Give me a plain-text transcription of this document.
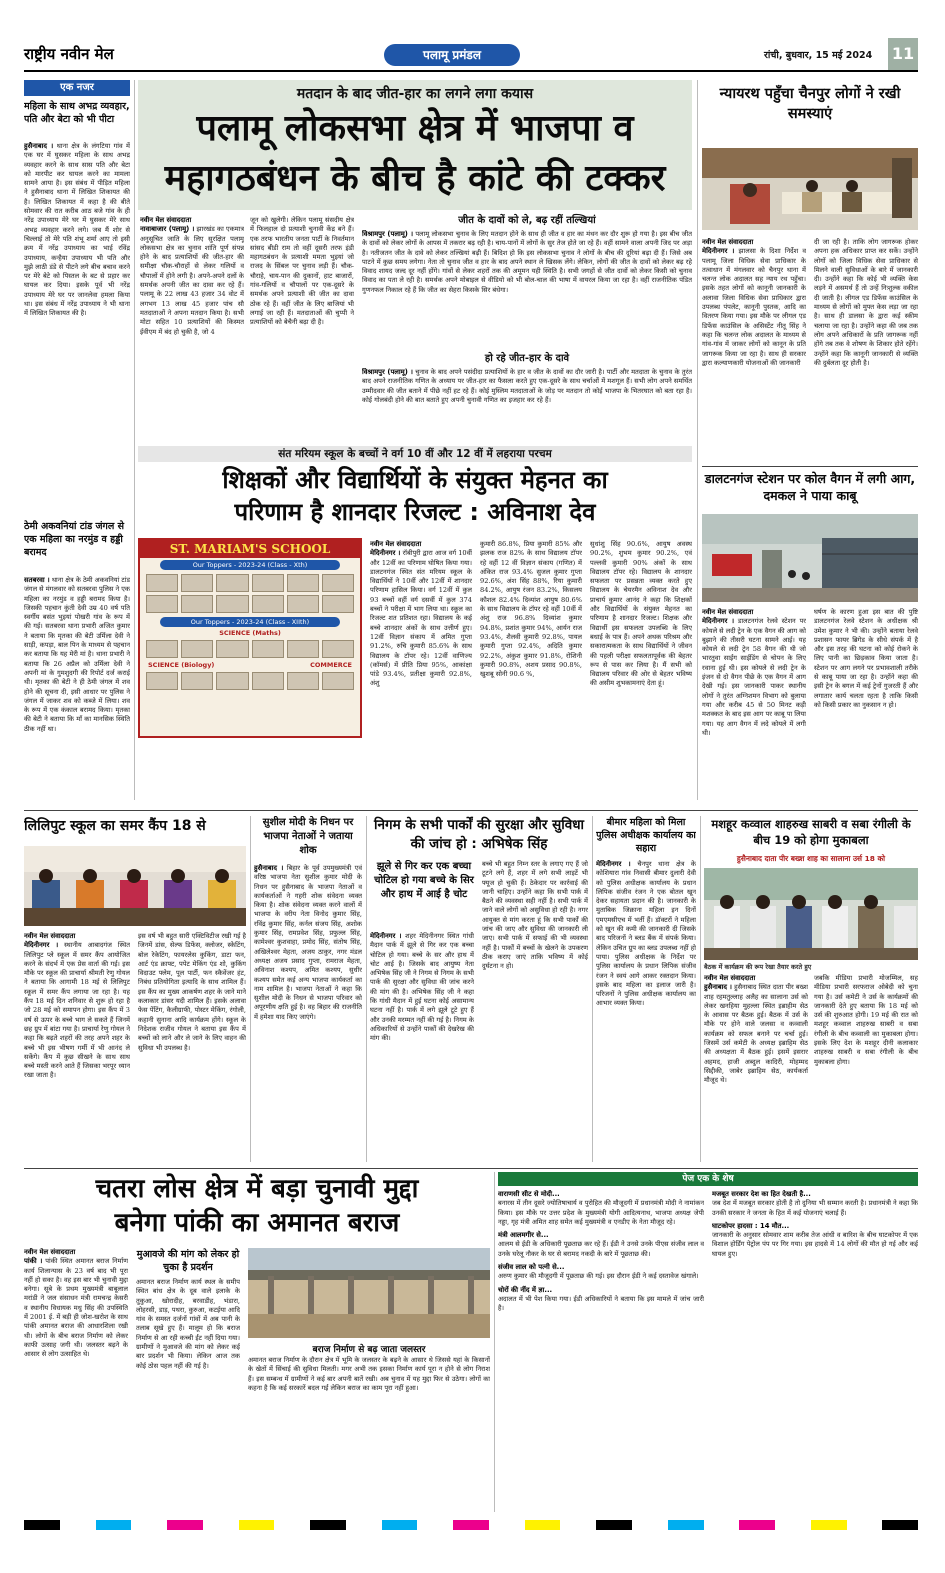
राष्ट्रीय नवीन मेल	पलामू प्रमंडल	रांची, बुधवार, 15 मई 2024 11
एक नजर
महिला के साथ अभद्र व्यवहार, पति और बेटा को भी पीटा
हुसैनाबाद । थाना क्षेत्र के लंगटिया गांव में एक घर में घुसकर महिला के साथ अभद्र व्यवहार करने के साथ सास पति और बेटा को मारपीट कर घायल करने का मामला सामने आया है। इस संबंध में पीड़ित महिला ने हुसैनाबाद थाना में लिखित शिकायत की है। लिखित शिकायत में कहा है की बीते सोमवार की रात करीब आठ बजे गांव के ही नरेंद्र उपाध्याय मेरे घर में घुसकर मेरे साथ अभद्र व्यवहार करने लगे। जब मैं शोर से चिल्लाई तो मेरे पति शंभू शर्मा आए तो इसी क्रम में नरेंद्र उपाध्याय का भाई रविंद्र उपाध्याय, कन्हैया उपाध्याय भी पति और मुझे लाठी डंडे से पीटने लगे बीच बचाव करने पर मेरे बेटे को पिस्तल के बट से प्रहार कर घायल कर दिया। इसके पूर्व भी नरेंद्र उपाध्याय मेरे घर पर जानलेवा हमला किया था। इस संबंध में नरेंद्र उपाध्याय ने भी थाना में लिखित शिकायत की है।
ठेमी अकवनियां टांड जंगल से एक महिला का नरमुंड व हड्डी बरामद
सतबरवा । थाना क्षेत्र के ठेमी अकवनियां टांड जंगल से मंगलवार को सतबरवा पुलिस ने एक महिला का नरमुंड व हड्डी बरामद किया है। जिसकी पहचान कुंती देवी उम्र 40 वर्ष पति स्वर्गीय बसंत भुइयां पोखरी गांव के रूप में की गई। सतबरवा थाना प्रभारी अजित कुमार ने बताया कि मृतका की बेटी उर्मिला देवी ने साड़ी, कपड़ा, बाल पिन के माध्यम से पहचान कर बताया कि यह मेरी मां है। थाना प्रभारी ने बताया कि 26 अप्रैल को उर्मिला देवी ने अपनी मां के गुमशुदगी की रिपोर्ट दर्ज कराई थी। मृतका की बेटी ने ही ठेमी जंगल में शव होने की सूचना दी, इसी आधार पर पुलिस ने जंगल में जाकर शव को कब्जे में लिया। शव के रूप में एक कंकाल बरामद किया। मृतका की बेटी ने बताया कि माँ का मानसिक स्थिति ठीक नहीं था।
मतदान के बाद जीत-हार का लगने लगा कयास
पलामू लोकसभा क्षेत्र में भाजपा व
महागठबंधन के बीच है कांटे की टक्कर
नवीन मेल संवाददाता
नावाबाजार (पलामू) । झारखंड का एकमात्र अनुसूचित जाति के लिए सुरक्षित पलामू लोकसभा क्षेत्र का चुनाव शांति पूर्ण संपन्न होने के बाद प्रत्याशियों की जीत-हार की समीक्षा चौक-चौराहों से लेकर गलियों व चौपालों में होने लगी है। अपने-अपने दलों के समर्थक अपनी जीत का दावा कर रहे हैं। पलामू के 22 लाख 43 हजार 34 वोट में लगभग 13 लाख 45 हजार पांच सौ मतदाताओं ने अपना मतदान किया है। सभी मोटा सहित 10 प्रत्याशियों की किस्मत ईवीएम में बंद हो चुकी है, जो 4
जून को खुलेगी। लेकिन पलामू संसदीय क्षेत्र में फिलहाल दो प्रत्याशी चुनावी केंद्र बने हैं। एक तरफ भारतीय जनता पार्टी के निवर्तमान सांसद बीडी राम तो वहीं दूसरी तरफ इंडी महागठबंधन के प्रत्याशी ममता भुइयां जो राजद के सिंबल पर चुनाव लड़ी हैं। चौक-चौराहे, चाय-पान की दुकानों, हाट बाजारों, गांव-गलियों व चौपालों पर एक-दूसरे के समर्थक अपने प्रत्याशी की जीत का दावा ठोक रहे हैं। वहीं जीत के लिए बाजियां भी लगाई जा रही हैं। मतदाताओं की चुप्पी ने प्रत्याशियों को बेचैनी बढ़ा दी है।
जीत के दावों को ले, बढ़ रहीं तल्खियां
विश्रामपुर (पलामू) । पलामू लोकसभा चुनाव के लिए मतदान होने के साथ ही जीत व हार का मंथन कर दौर शुरू हो गया है। इस बीच जीत के दावों को लेकर लोगों के आपस में तकरार बढ़ रही है। चाय-पानों में लोगों के सुर तेज होते जा रहे हैं। वहीं सामने वाला अपनी जिद पर अड़ा है। नतीजतन जीत के दावे को लेकर तल्खियां बढ़ी हैं। बिदिश हो कि इस लोकसभा चुनाव ने लोगों के बीच की दूरियां बढ़ा दी हैं। जिसे अब पाटने में कुछ समय लगेगा। नेता तो चुनाव जीत व हार के बाद अपने स्थान ले खिसक लेंगे। लेकिन, लोगों की जीत के दावों को लेकर बढ़ रहे विवाद शायद जल्द दूर नहीं होंगे। गांवों से लेकर शहरों तक की अमूमन यही स्थिति है। सभी जगहों से जीत दावों को लेकर किसी को चुनाव विवाद का पता ले रही है। समर्थक अपने मोबाइल से वीडियो को भी बोल-चाल की भाषा में वायरल किया जा रहा है। वहीं राजनीतिक पंडित गुणनफल निकाल रहे हैं कि जीत का सेहरा किसके सिर बंधेगा।
हो रहे जीत-हार के दावे
विश्रामपुर (पलामू) । चुनाव के बाद अपने पसंदीदा प्रत्याशियों के हार व जीत के दावों का दौर जारी है। पार्टी और मतदाता के चुनाव के तुरंत बाद अपने राजनीतिक गणित के अध्याय पर जीत-हार का फैसला करते हुए एक-दूसरे के साथ चर्चाओं में मशगूल हैं। सभी लोग अपने समर्थित उम्मीदवार की जीत बताने में पीछे नहीं हट रहे हैं। कोई मुस्लिम मतदाताओं के जोड़ पर मतदान तो कोई भाजपा के भितरघात को बता रहा है। कोई गोलबंदी होने की बात बताते हुए अपनी चुनावी गणित का इजहार कर रहे हैं।
न्यायरथ पहुँचा चैनपुर लोगों ने रखी समस्याएं
नवीन मेल संवाददाता
मेदिनीनगर । झालसा के दिशा निर्देश व पलामू जिला विधिक सेवा प्राधिकार के तत्वाधान में मंगलवार को चैनपुर थाना में चलन्त लोक अदालत सह न्याय रथ पहुँचा। इसके तहत लोगों को कानूनी जानकारी के अलावा जिला विधिक सेवा प्राधिकार द्वारा उपलब्ध पंपलेट, कानूनी पुस्तक, आदि का वितरण किया गया। इस मौके पर लीगल एड डिफेंस काउंसिल के असिस्टेंट नीतू सिंह ने कहा कि चलन्त लोक अदालत के माध्यम से गांव-गांव में जाकर लोगों को कानून के प्रति जागरूक किया जा रहा है। साथ ही सरकार द्वारा कल्याणकारी योजनाओं की जानकारी
दी जा रही है। ताकि लोग जागरूक होकर अपना हक अधिकार प्राप्त कर सकें। उन्होंने लोगों को जिला विधिक सेवा प्राधिकार से मिलने वाली सुविधाओं के बारे में जानकारी दी। उन्होंने कहा कि कोई भी व्यक्ति केस लड़ने में असमर्थ हैं तो उन्हें निःशुल्क वकील दी जाती है। लीगल एड डिफेंस काउंसिल के माध्यम से लोगों को मुफ्त केस लड़ा जा रहा है। साथ ही डालसा के द्वारा कई स्कीम चलाया जा रहा है। उन्होंने कहा की जब तक लोग अपने अधिकारों के प्रति जागरूक नहीं होंगे तब तक वे शोषण के शिकार होते रहेंगे। उन्होंने कहा कि कानूनी जानकारी से व्यक्ति की दुर्बलता दूर होती है।
डालटनगंज स्टेशन पर कोल वैगन में लगी आग, दमकल ने पाया काबू
नवीन मेल संवाददाता
मेदिनीनगर । डालटनगंज रेलवे स्टेशन पर कोयले से लदी ट्रेन के एक वैगन की आग को बुझाने की तीसरी घटना सामने आई। यह कोयले से लदी ट्रेन 58 वैगन की थी जो भारतुवा साईंग साईडिंग से चोपन के लिए रवाना हुई थी। इस कोयले से लदी ट्रेन के इंजन से दो वैगन पीछे के एक वैगन में आग देखी गई। इस जानकारी पाकर स्थानीय लोगों ने तुरंत अग्निशमन विभाग को बुलाया गया और करीब 45 से 50 मिनट कड़ी मशक्कत के बाद इस आग पर काबू पा लिया गया। यह आग वैगन में लदे कोयले में लगी थी।
घर्षण के कारण हुआ इस बात की पुष्टि डालटनगंज रेलवे स्टेशन के अधीक्षक श्री उमेश कुमार ने भी की। उन्होंने बताया रेलवे प्रशासन फायर ब्रिगेड के सीधे संपर्क में है और इस तरह की घटना को कोई रोकने के लिए पानी का छिड़काव किया जाता है। स्टेशन पर आग लगने पर प्रभावशाली तरीके से काबू पाया जा रहा है। उन्होंने कहा की इसी ट्रेन के बगल में कई ट्रेनों गुजरती हैं और लगातार कार्य चलता रहता है ताकि किसी को किसी प्रकार का नुकसान न हो।
संत मरियम स्कूल के बच्चों ने वर्ग 10 वीं और 12 वीं में लहराया परचम
शिक्षकों और विद्यार्थियों के संयुक्त मेहनत का
परिणाम है शानदार रिजल्ट : अविनाश देव
ST. MARIAM'S SCHOOL
Our Toppers - 2023-24 (Class - Xth)
Our Toppers - 2023-24 (Class - XIIth)
SCIENCE (Maths)
SCIENCE (Biology)	COMMERCE
नवीन मेल संवाददाता
मेदिनीनगर । रॉबीपुरी द्वारा आज वर्ग 10वीं और 12वीं का परिणाम घोषित किया गया। डालटनगंज स्थित संत मरियम स्कूल के विद्यार्थियों ने 10वीं और 12वीं में शानदार परिणाम हासिल किया। वर्ग 12वीं में कुल 93 बच्चों वहीं वर्ग दसवीं में कुल 374 बच्चों ने परीक्षा में भाग लिया था। स्कूल का रिजल्ट शत प्रतिशत रहा। विद्यालय के कई बच्चे शानदार अंकों के साथ उत्तीर्ण हुए। 12वीं विज्ञान संकाय में अमित गुप्ता 91.2%, रुचि कुमारी 85.6% के साथ विद्यालय के टॉपर रहे। 12वीं वाणिज्य (कॉमर्स) में प्रीति प्रिया 95%, आकांक्षा पांडे 93.4%, प्रतीक्षा कुमारी 92.8%, अंशु
कुमारी 86.8%, प्रिया कुमारी 85% और झलक राज 82% के साथ विद्यालय टॉपर रहे वहीं 12 वीं विज्ञान संकाय (गणित) में अंकित राज 93.4% सुजल कुमार गुप्ता 92.6%, अंश सिंह 88%, रिया कुमारी 84.2%, आयुष रंजन 83.2%, किसलय कौशल 82.4% दिव्यांश आयुष 80.6% के साथ विद्यालय के टॉपर रहे वहीं 10वीं में अंशु राज 96.8% दिव्यांश कुमार 94.8%, प्रशांत कुमार 94%, आर्यन राज 93.4%, शैलवी कुमारी 92.8%, पायल कुमारी गुप्ता 92.4%, अदिति कुमार 92.2%, अंकुश कुमार 91.8%, रोशिनी कुमारी 90.8%, अशय प्रसाद 90.8%, खुशबू सोनी 90.6 %,
सुधांशु सिंह 90.6%, आयुष अवस्थ 90.2%, शुभम कुमार 90.2%, एवं पल्लवी कुमारी 90% अंकों के साथ विद्यालय टॉपर रहे। विद्यालय के शानदार सफलता पर प्रसन्नता व्यक्त करते हुए विद्यालय के चेयरमैन अविनाश देव और प्राचार्य कुमार आनंद ने कहा कि शिक्षकों और विद्यार्थियों के संयुक्त मेहनत का परिणाम है शानदार रिजल्ट। शिक्षक और विद्यार्थी इस सफलता उपलब्धि के लिए बधाई के पात्र हैं। अपने अथक परिश्रम और सकारात्मकता के साथ विद्यार्थियों ने जीवन की पहली परीक्षा सफलतापूर्वक की बेहतर रूप से पास कर लिया है। मैं सभी को विद्यालय परिवार की ओर से बेहतर भविष्य की असीम शुभकामनाएं देता हूं।
लिलिपुट स्कूल का समर कैंप 18 से
नवीन मेल संवाददाता
मेदिनीनगर । स्थानीय आबादगंज स्थित लिलिपुट प्ले स्कूल में समर कैंप आयोजित करने के संदर्भ में एक प्रेस वार्ता की गई। इस मौके पर स्कूल की प्राचार्या श्रीमती रेणु गोयल ने बताया कि आगामी 18 मई से लिलिपुट स्कूल में समर कैंप लगाया जा रहा है। यह कैंप 18 मई दिन शनिवार से शुरू हो रहा है जो 28 मई को समापन होगा। इस कैंप में 3 वर्ष से ऊपर के बच्चे भाग ले सकते हैं जिनमें छह ग्रुप में बांटा गया है। प्राचार्या रेणु गोयल ने कहा कि बढ़ते शहरों की तरह अपने शहर के बच्चे भी इस भीषण गर्मी में भी आनंद ले सकेंगे। कैंप में कुछ सीखने के साथ साथ बच्चे मस्ती करने आते हैं जिसका भरपूर ध्यान रखा जाता है।
इस वर्ष भी बहुत सारी एक्टिविटीज रखी गई है जिनमें डांस, सेल्फ डिफेंस, क्लोजर, स्केटिंग, बोल रेकेटिंग, फायरलेस कुकिंग, डाटा फन, आर्ट एंड क्राफ्ट, पपेट मेकिंग एंड शो, कुकिंग विदाउट फ्लेम, पूल पार्टी, फन स्कैवेंजर हंट, निबंध प्रतियोगिता इत्यादि के साथ शामिल हैं। इस कैंप का मुख्य आकर्षण शहर के जाने माने कलाकार डांसर यदी शामिल हैं। इसके अलावा फेस पेंटिंग, कैलीग्राफी, पोस्टर मेकिंग, रंगोली, कहानी सुनाना आदि कार्यक्रम होंगे। स्कूल के निदेशक राजीव गोयल ने बताया इस कैंप में बच्चों को लाने और ले जाने के लिए वाहन की सुविधा भी उपलब्ध है।
सुशील मोदी के निधन पर भाजपा नेताओं ने जताया शोक
हुसैनाबाद । बिहार के पूर्व उपमुख्यमंत्री एवं वरिष्ठ भाजपा नेता सुशील कुमार मोदी के निधन पर हुसैनाबाद के भाजपा नेताओं व कार्यकर्ताओं ने गहरी शोक संवेदना व्यक्त किया है। शोक संवेदना व्यक्त करने वालों में भाजपा के वरीय नेता विनोद कुमार सिंह, रविंद्र कुमार सिंह, कर्नल संजय सिंह, अशोक कुमार सिंह, रामप्रवेश सिंह, प्रफुल्ल सिंह, कामेश्वर कुशवाहा, प्रमोद सिंह, संतोष सिंह, अखिलेश्वर मेहता, अजय ठाकुर, नगर मंडल अध्यक्ष अजय प्रसाद गुप्ता, रामराज मेहता, अविनाश कश्यप, अमित कश्यप, सुधीर कश्यप समेत कई अन्य भाजपा कार्यकर्ता का नाम शामिल है। भाजपा नेताओं ने कहा कि सुशील मोदी के निधन से भाजपा परिवार को अपूरणीय क्षति हुई है। वह बिहार की राजनीति में हमेशा याद किए जाएंगे।
निगम के सभी पार्कों की सुरक्षा और सुविधा की जांच हो : अभिषेक सिंह
झूले से गिर कर एक बच्चा चोटिल हो गया बच्चे के सिर और हाथ में आई है चोट
मेदिनीनगर । शहर मेदिनीनगर स्थित गांधी मैदान पार्क में झूले से गिर कर एक बच्चा चोटिल हो गया। बच्चे के सर और हाथ में चोट आई है। जिसके बाद आयुष्य नेता अभिषेक सिंह जी ने निगम से निगम के सभी पार्क की सुरक्षा और सुविधा की जांच करने की मांग की है। अभिषेक सिंह जी ने कहा कि गांधी मैदान में हुई घटना कोई असामान्य घटना नहीं है। पार्क में लगे झूले टूटे हुए हैं और उनकी मरम्मत नहीं की गई है। निगम के अधिकारियों से उन्होंने पार्कों की देखरेख की मांग की।
बच्चे भी बहुत निम्न स्तर के लगाए गए हैं जो टूटने लगे हैं, शहर में लगे सभी लाइटें भी फ्यूज हो चुकी हैं। ठेकेदार पर कार्रवाई की जानी चाहिए। उन्होंने कहा कि सभी पार्क में बैठने की व्यवस्था सही नहीं है। सभी पार्क में जाने वाले लोगों को असुविधा हो रही है। नगर आयुक्त से मांग करता हूं कि सभी पार्कों की जांच की जाए और सुविधा की जानकारी ली जाए। सभी पार्क में सफाई की भी व्यवस्था नहीं है। पार्कों में बच्चों के खेलने के उपकरण ठीक कराए जाएं ताकि भविष्य में कोई दुर्घटना न हो।
बीमार महिला को मिला पुलिस अधीक्षक कार्यालय का सहारा
मेदिनीनगर । चैनपुर थाना क्षेत्र के कोशियारा गांव निवासी बीमार दुलारी देवी को पुलिस अधीक्षक कार्यालय के प्रधान लिपिक संजीव रंजन ने एक बोतल खून देकर सहायता प्रदान की है। जानकारी के मुताबिक जिक्राना महिला इन दिनों एमएमसीएच में भर्ती हैं। डॉक्टरों ने महिला को खून की कमी की जानकारी दी जिसके बाद परिजनों ने ब्लड बैंक में संपर्क किया। लेकिन उचित ग्रुप का ब्लड उपलब्ध नहीं हो पाया। पुलिस अधीक्षक के निर्देश पर पुलिस कार्यालय के प्रधान लिपिक संजीव रंजन ने स्वयं आगे आकर रक्तदान किया। इसके बाद महिला का इलाज जारी है। परिजनों ने पुलिस अधीक्षक कार्यालय का आभार व्यक्त किया।
मशहूर कव्वाल शाहरुख साबरी व सबा रंगीली के बीच 19 को होगा मुकाबला
हुसैनाबाद दाता पीर बख्श शाह का सालाना उर्स 18 को
बैठक में कार्यक्रम की रूप रेखा तैयार करते हुए
नवीन मेल संवाददाता
हुसैनाबाद । हुसैनाबाद स्थित दाता पीर बख्श शाह रहमतुल्लाह अलैह का सालाना उर्स को लेकर खनहिया मुहल्ला स्थित इब्राहीम सेठ के आवास पर बैठक हुई। बैठक में उर्स के मौके पर होने वाले जलसा व कव्वाली कार्यक्रम को सफल बनाने पर चर्चा हुई। जिसमें उर्स कमेटी के अध्यक्ष इब्राहिम सेठ की अध्यक्षता में बैठक हुई। इसमें इसरार अहमद, हाजी अब्दुल कादिरी, मोहम्मद सिद्दीकी, जाबेर इब्राहिम सेठ, कार्यकर्ता मौजूद थे।
जबकि मीडिया प्रभारी मोजम्मिल, सह मीडिया प्रभारी सरफराज ओबेदी को चुना गया है। उर्स कमेटी ने उर्स के कार्यक्रमों की जानकारी देते हुए बताया कि 18 मई को उर्स की शुरुआत होगी। 19 मई की रात को मशहूर कव्वाल शाहरुख साबरी व सबा रंगीली के बीच कव्वाली का मुकाबला होगा। इसके लिए देश के मशहूर दीनी कलाकार शाहरुख साबरी व सबा रंगीली के बीच मुकाबला होगा।
चतरा लोस क्षेत्र में बड़ा चुनावी मुद्दा
बनेगा पांकी का अमानत बराज
नवीन मेल संवाददाता
पांकी । पांकी स्थित अमानत बराज निर्माण कार्य शिलान्यास के 23 वर्ष बाद भी पूरा नहीं हो सका है। वह इस बार भी चुनावी मुद्दा बनेगा। सूबे के प्रथम मुख्यमंत्री बाबूलाल मरांडी ने जल संसाधन मंत्री रामचन्द्र केसरी व स्थानीय विधायक मधु सिंह की उपस्थिति में 2001 ई. में बड़ी ही जोश-खरोश के साथ पांकी अमानत बराज की आधारशिला रखी थी। लोगों के बीच बराज निर्माण को लेकर काफी उत्साह जगी थी। जलस्तर बढ़ने के आसार से लोग उत्साहित थे।
मुआवजे की मांग को लेकर हो चुका है प्रदर्शन
अमानत बराज निर्माण कार्य स्थल के समीप स्थित बांध क्षेत्र के दूब वाले इलाके के तुकुआ, खोरादीह, बरवाडीह, भंडारा, लोहरसी, डाड़, पथरा, कुरुआ, कटईया आदि गांव के समस्त दर्जनों गांवों में अब पानी के तलाब सूखे हुए हैं। मालूम हो कि बराज निर्माण से आ रही कच्ची ईंट नहीं दिया गया। ग्रामीणों ने मुआवजे की मांग को लेकर कई बार प्रदर्शन भी किया। लेकिन आज तक कोई ठोस पहल नहीं की गई है।
बराज निर्माण से बढ़ जाता जलस्तर
अमानत बराज निर्माण के दौरान क्षेत्र में भूमि के जलस्तर के बढ़ने के आसार थे जिससे यहां के किसानों के खेतों में सिंचाई की सुविधा मिलती। मगर अभी तक इसका निर्माण कार्य पूरा न होने से लोग निराश हैं। इस सम्बन्ध में ग्रामीणों ने कई बार अपनी बातें रखी। अब चुनाव में यह मुद्दा फिर से उठेगा। लोगों का कहना है कि कई सरकारें बदल गईं लेकिन बराज का काम पूरा नहीं हुआ।
पेज एक के शेष
वाराणसी सीट से मोदी...
बनारस में तीन दूसरे ज्योतिषाचार्य व पुरोहित की मौजूदगी में प्रधानमंत्री मोदी ने नामांकन किया। इस मौके पर उत्तर प्रदेश के मुख्यमंत्री योगी आदित्यनाथ, भाजपा अध्यक्ष जेपी नड्डा, गृह मंत्री अमित शाह समेत कई मुख्यमंत्री व एनडीए के नेता मौजूद रहे।
मंत्री आलमगीर से...
आलम से ईडी के अधिकारी पूछताछ कर रहे हैं। ईडी ने उनसे उनके पीएस संजीव लाल व उनके घरेलू नौकर के घर से बरामद नकदी के बारे में पूछताछ की।
संजीव लाल को पत्नी से...
अरुण कुमार की मौजूदगी में पूछताछ की गई। इस दौरान ईडी ने कई दस्तावेज खंगाले।
चोरों की नींद में ज्ञा...
अदालत में भी पेश किया गया। ईडी अधिकारियों ने बताया कि इस मामले में जांच जारी है।
मजबूत सरकार देश का हित देखती है...
जब देश में मजबूत सरकार होती है तो दुनिया भी सम्मान करती है। प्रधानमंत्री ने कहा कि उनकी सरकार ने जनता के हित में कई योजनाएं चलाई हैं।
घाटकोपर हादसा : 14 मौत...
जानकारी के अनुसार सोमवार शाम करीब तेज आंधी व बारिश के बीच घाटकोपर में एक विशाल होर्डिंग पेट्रोल पंप पर गिर गया। इस हादसे में 14 लोगों की मौत हो गई और कई घायल हुए।
